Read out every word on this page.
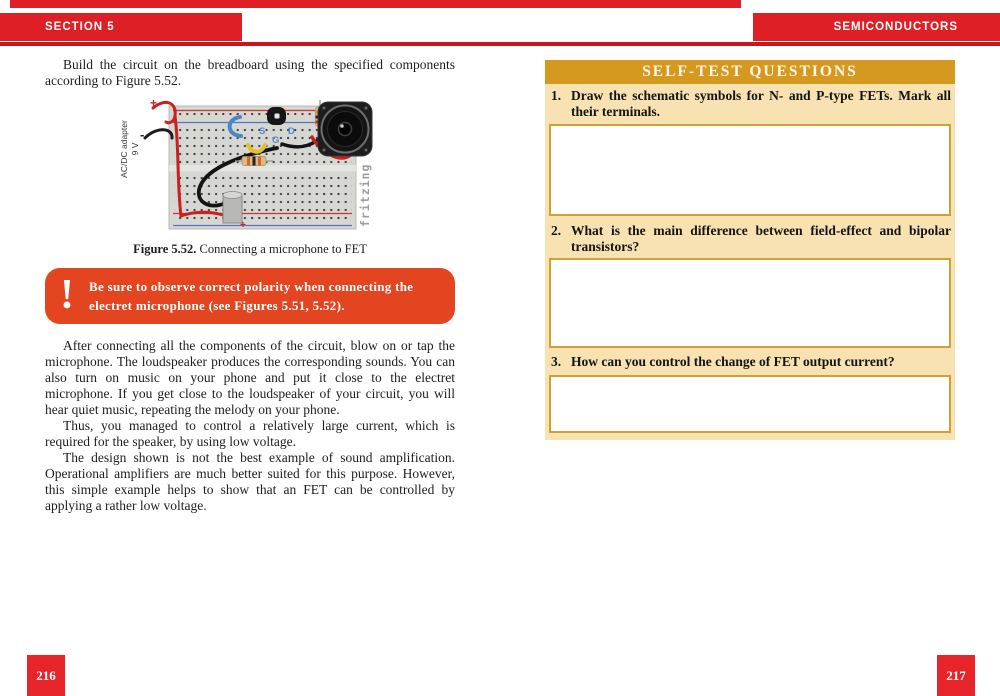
SECTION 5	SEMICONDUCTORS

Build the circuit on the breadboard using the specified components according to Figure 5.52.

AC/DC adapter 9 V
+
-
+
S D
G
fritzing
Figure 5.52. Connecting a microphone to FET
!	Be sure to observe correct polarity when connecting the electret microphone (see Figures 5.51, 5.52).

After connecting all the components of the circuit, blow on or tap the microphone. The loudspeaker produces the corresponding sounds. You can also turn on music on your phone and put it close to the electret microphone. If you get close to the loudspeaker of your circuit, you will hear quiet music, repeating the melody on your phone.

Thus, you managed to control a relatively large current, which is required for the speaker, by using low voltage.

The design shown is not the best example of sound amplification. Operational amplifiers are much better suited for this purpose. However, this simple example helps to show that an FET can be controlled by applying a rather low voltage.

SELF-TEST QUESTIONS
1. Draw the schematic symbols for N- and P-type FETs. Mark all their terminals.
2. What is the main difference between field-effect and bipolar transistors?
3. How can you control the change of FET output current?
216	217
